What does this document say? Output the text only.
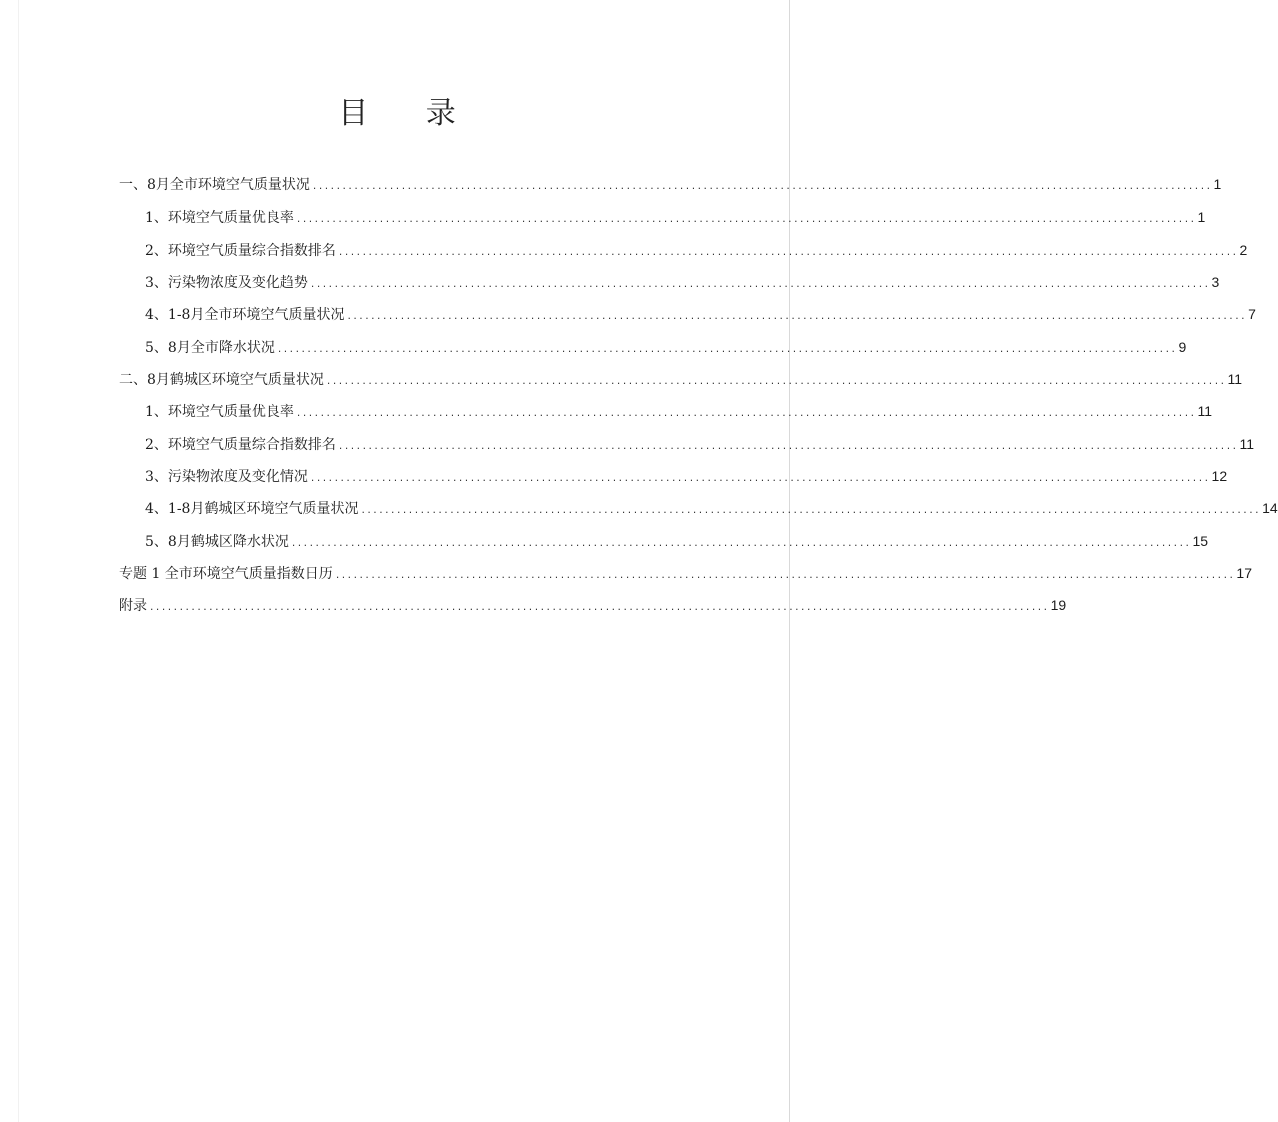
目 录
一、8月全市环境空气质量状况 ........................................................................................................................................................ 1
1、环境空气质量优良率 ........................................................................................................................................................ 1
2、环境空气质量综合指数排名 ........................................................................................................................................................ 2
3、污染物浓度及变化趋势 ........................................................................................................................................................ 3
4、1-8月全市环境空气质量状况 ........................................................................................................................................................ 7
5、8月全市降水状况 ........................................................................................................................................................ 9
二、8月鹤城区环境空气质量状况 ........................................................................................................................................................ 11
1、环境空气质量优良率 ........................................................................................................................................................ 11
2、环境空气质量综合指数排名 ........................................................................................................................................................ 11
3、污染物浓度及变化情况 ........................................................................................................................................................ 12
4、1-8月鹤城区环境空气质量状况 ........................................................................................................................................................ 14
5、8月鹤城区降水状况 ........................................................................................................................................................ 15
专题 1 全市环境空气质量指数日历 ........................................................................................................................................................ 17
附录 ........................................................................................................................................................ 19
